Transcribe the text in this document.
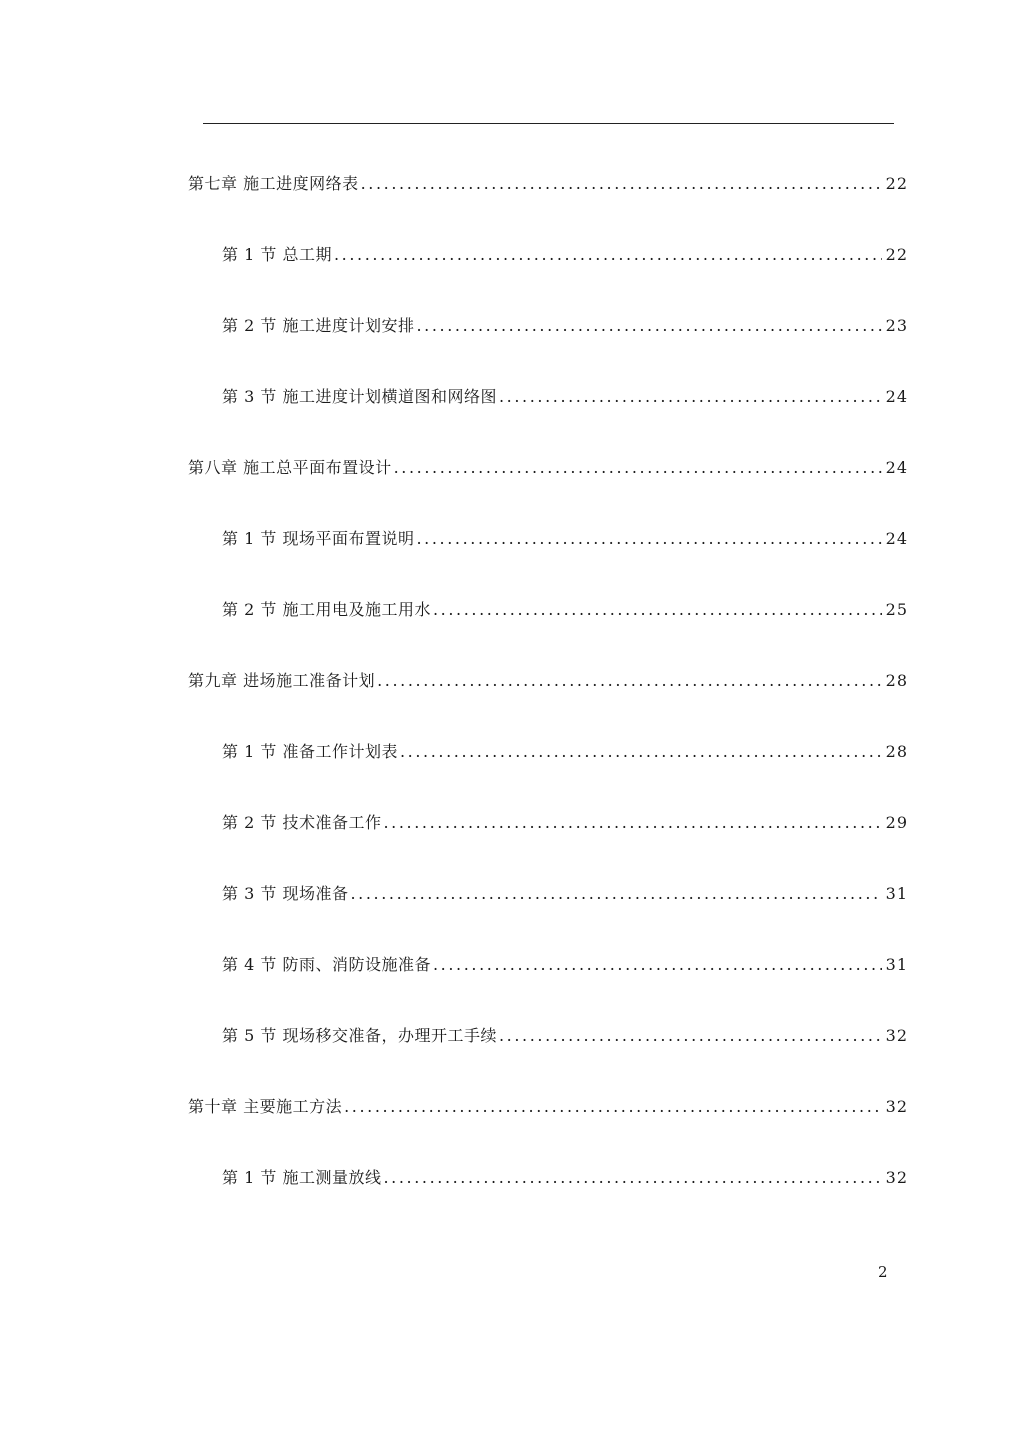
第七章 施工进度网络表 .....	22
第 1 节 总工期 .....	22
第 2 节 施工进度计划安排 .....	23
第 3 节 施工进度计划横道图和网络图 .....	24
第八章 施工总平面布置设计 .....	24
第 1 节 现场平面布置说明 .....	24
第 2 节 施工用电及施工用水 .....	25
第九章 进场施工准备计划 .....	28
第 1 节 准备工作计划表 .....	28
第 2 节 技术准备工作 .....	29
第 3 节 现场准备 .....	31
第 4 节 防雨、消防设施准备 .....	31
第 5 节 现场移交准备，办理开工手续 .....	32
第十章 主要施工方法 .....	32
第 1 节 施工测量放线 .....	32
2
